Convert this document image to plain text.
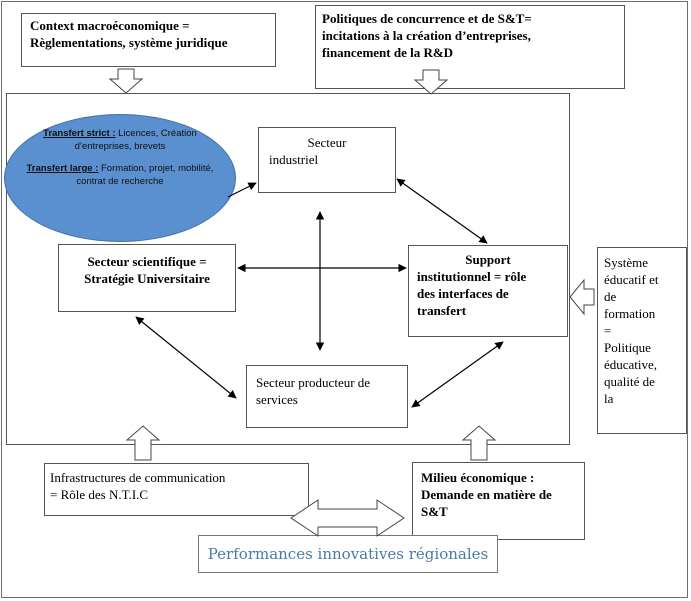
Context macroéconomique =
Règlementations, système juridique
Politiques de concurrence et de S&T=
incitations à la création d’entreprises,
financement de la R&D
Transfert strict : Licences, Création d’entreprises, brevets
Transfert large : Formation, projet, mobilité, contrat de recherche
Secteur
industriel
Secteur scientifique =
Stratégie Universitaire
Support
institutionnel = rôle
des interfaces de
transfert
Secteur producteur de
services
Système
éducatif et
de
formation
=
Politique
éducative,
qualité de
la
Infrastructures de communication
= Rôle des N.T.I.C
Milieu économique :
Demande en matière de
S&T
Performances innovatives régionales
